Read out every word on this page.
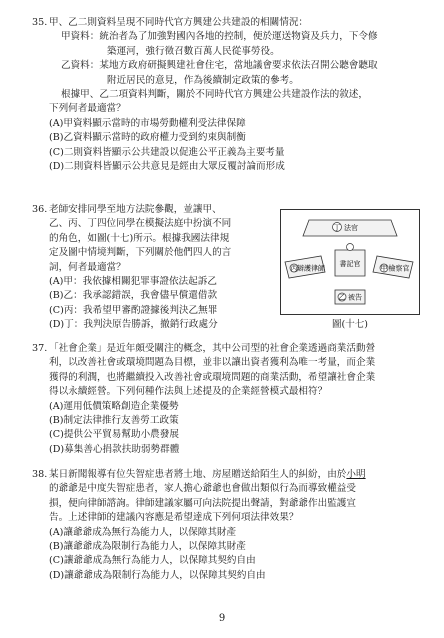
35. 甲、乙二則資料呈現不同時代官方興建公共建設的相關情況：
甲資料：統治者為了加強對國內各地的控制，便於運送物資及兵力，下令修
築運河，強行徵召數百萬人民從事勞役。
乙資料：某地方政府研擬興建社會住宅，當地議會要求依法召開公聽會聽取
附近居民的意見，作為後續制定政策的參考。
根據甲、乙二項資料判斷，關於不同時代官方興建公共建設作法的敘述，
下列何者最適當？
(A)甲資料顯示當時的市場勞動權利受法律保障
(B)乙資料顯示當時的政府權力受到約束與制衡
(C)二則資料皆顯示公共建設以促進公平正義為主要考量
(D)二則資料皆顯示公共意見是經由大眾反覆討論而形成
36. 老師安排同學至地方法院參觀，並讓甲、
乙、丙、丁四位同學在模擬法庭中扮演不同
的角色，如圖(十七)所示。根據我國法律規
定及圖中情境判斷，下列關於他們四人的言
詞，何者最適當？
(A)甲：我依據相關犯罪事證依法起訴乙
(B)乙：我承認錯誤，我會儘早償還借款
(C)丙：我希望甲審酌證據後判決乙無罪
(D)丁：我判決原告勝訴，撤銷行政處分
丁 法官
丙 辯護律師
書記官
甲 檢察官
乙 被告
圖(十七)
37. 「社會企業」是近年頗受關注的概念，其中公司型的社會企業透過商業活動營
利，以改善社會或環境問題為目標，並非以讓出資者獲利為唯一考量，而企業
獲得的利潤，也將繼續投入改善社會或環境問題的商業活動，希望讓社會企業
得以永續經營。下列何種作法與上述提及的企業經營模式最相符？
(A)運用低價策略創造企業優勢
(B)制定法律推行友善勞工政策
(C)提供公平貿易幫助小農發展
(D)募集善心捐款扶助弱勢群體
38. 某日新聞報導有位失智症患者將土地、房屋贈送給陌生人的糾紛，由於小明
的爺爺是中度失智症患者，家人擔心爺爺也會做出類似行為而導致權益受
損，便向律師諮詢。律師建議家屬可向法院提出聲請，對爺爺作出監護宣
告。上述律師的建議內容應是希望達成下列何項法律效果？
(A)讓爺爺成為無行為能力人，以保障其財產
(B)讓爺爺成為限制行為能力人，以保障其財產
(C)讓爺爺成為無行為能力人，以保障其契約自由
(D)讓爺爺成為限制行為能力人，以保障其契約自由
9
